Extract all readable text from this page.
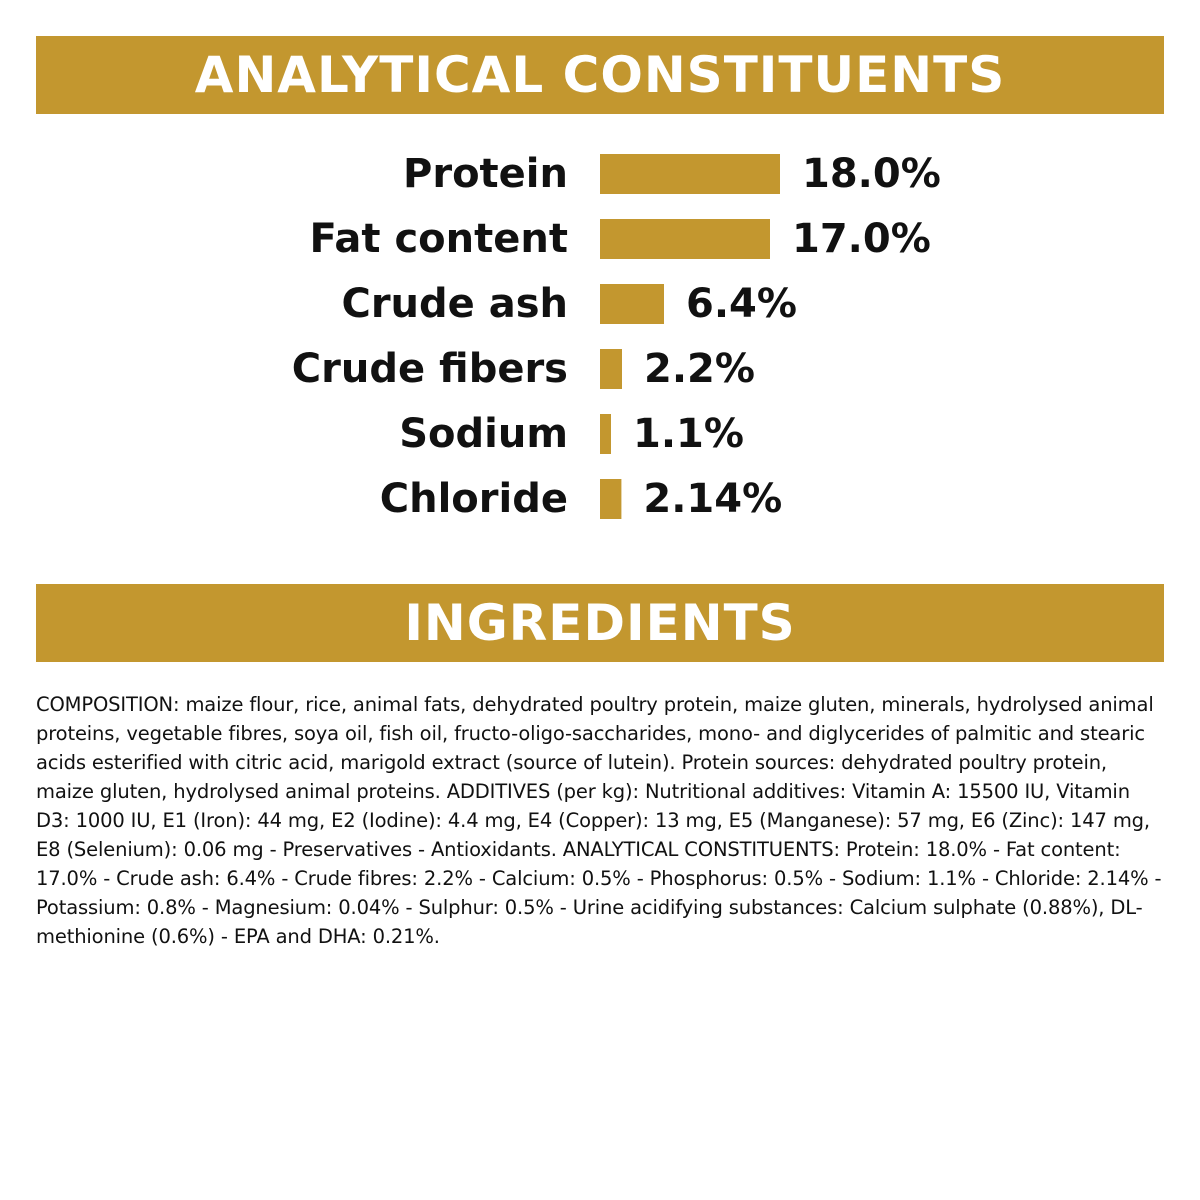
ANALYTICAL CONSTITUENTS
Protein
Fat content
Crude ash
Crude fibers
Sodium
Chloride
18.0%
17.0%
6.4%
2.2%
1.1%
2.14%
INGREDIENTS

COMPOSITION: maize flour, rice, animal fats, dehydrated poultry protein, maize gluten, minerals, hydrolysed animal proteins, vegetable fibres, soya oil, fish oil, fructo-oligo-saccharides, mono- and diglycerides of palmitic and stearic acids esterified with citric acid, marigold extract (source of lutein). Protein sources: dehydrated poultry protein, maize gluten, hydrolysed animal proteins. ADDITIVES (per kg): Nutritional additives: Vitamin A: 15500 IU, Vitamin D3: 1000 IU, E1 (Iron): 44 mg, E2 (Iodine): 4.4 mg, E4 (Copper): 13 mg, E5 (Manganese): 57 mg, E6 (Zinc): 147 mg, E8 (Selenium): 0.06 mg - Preservatives - Antioxidants. ANALYTICAL CONSTITUENTS: Protein: 18.0% - Fat content: 17.0% - Crude ash: 6.4% - Crude fibres: 2.2% - Calcium: 0.5% - Phosphorus: 0.5% - Sodium: 1.1% - Chloride: 2.14% - Potassium: 0.8% - Magnesium: 0.04% - Sulphur: 0.5% - Urine acidifying substances: Calcium sulphate (0.88%), DL-methionine (0.6%) - EPA and DHA: 0.21%.
